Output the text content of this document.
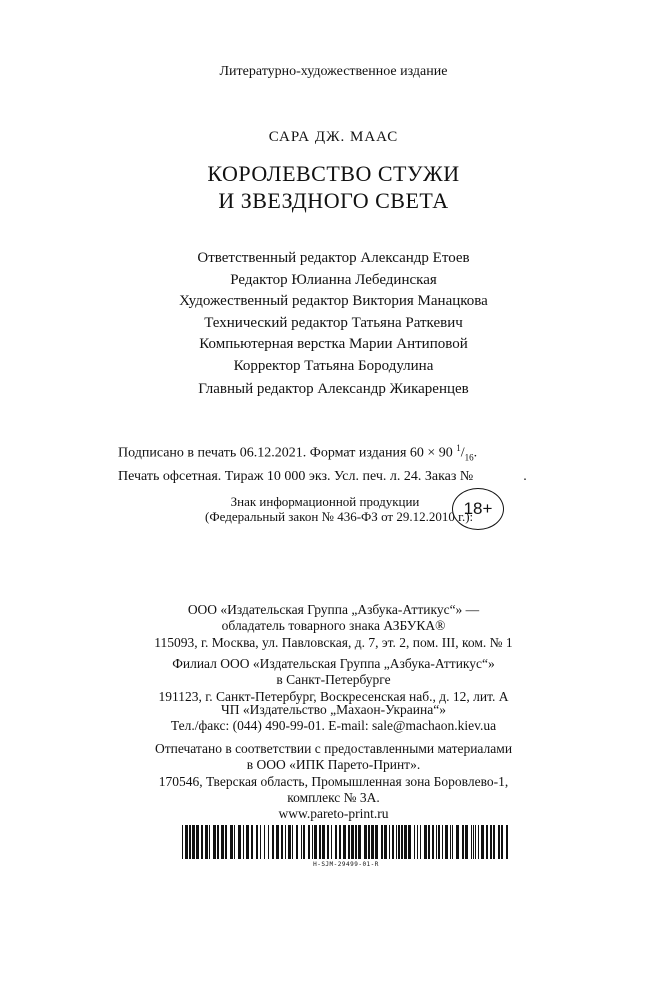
Литературно-художественное издание
САРА ДЖ. МААС
КОРОЛЕВСТВО СТУЖИ
И ЗВЕЗДНОГО СВЕТА
Ответственный редактор Александр Етоев
Редактор Юлианна Лебединская
Художественный редактор Виктория Манацкова
Технический редактор Татьяна Раткевич
Компьютерная верстка Марии Антиповой
Корректор Татьяна Бородулина
Главный редактор Александр Жикаренцев
Подписано в печать 06.12.2021. Формат издания 60 × 90 $^1/_{16}$.
Печать офсетная. Тираж 10 000 экз. Усл. печ. л. 24. Заказ №	.
Знак информационной продукции
(Федеральный закон № 436-ФЗ от 29.12.2010 г.):
18+
ООО «Издательская Группа „Азбука-Аттикус“» —
обладатель товарного знака АЗБУКА®
115093, г. Москва, ул. Павловская, д. 7, эт. 2, пом. III, ком. № 1
Филиал ООО «Издательская Группа „Азбука-Аттикус“»
в Санкт-Петербурге
191123, г. Санкт-Петербург, Воскресенская наб., д. 12, лит. А
ЧП «Издательство „Махаон-Украина“»
Тел./факс: (044) 490-99-01. E-mail: sale@machaon.kiev.ua
Отпечатано в соответствии с предоставленными материалами
в ООО «ИПК Парето-Принт».
170546, Тверская область, Промышленная зона Боровлево-1,
комплекс № 3А.
www.pareto-print.ru
H-SJM-29499-01-R
